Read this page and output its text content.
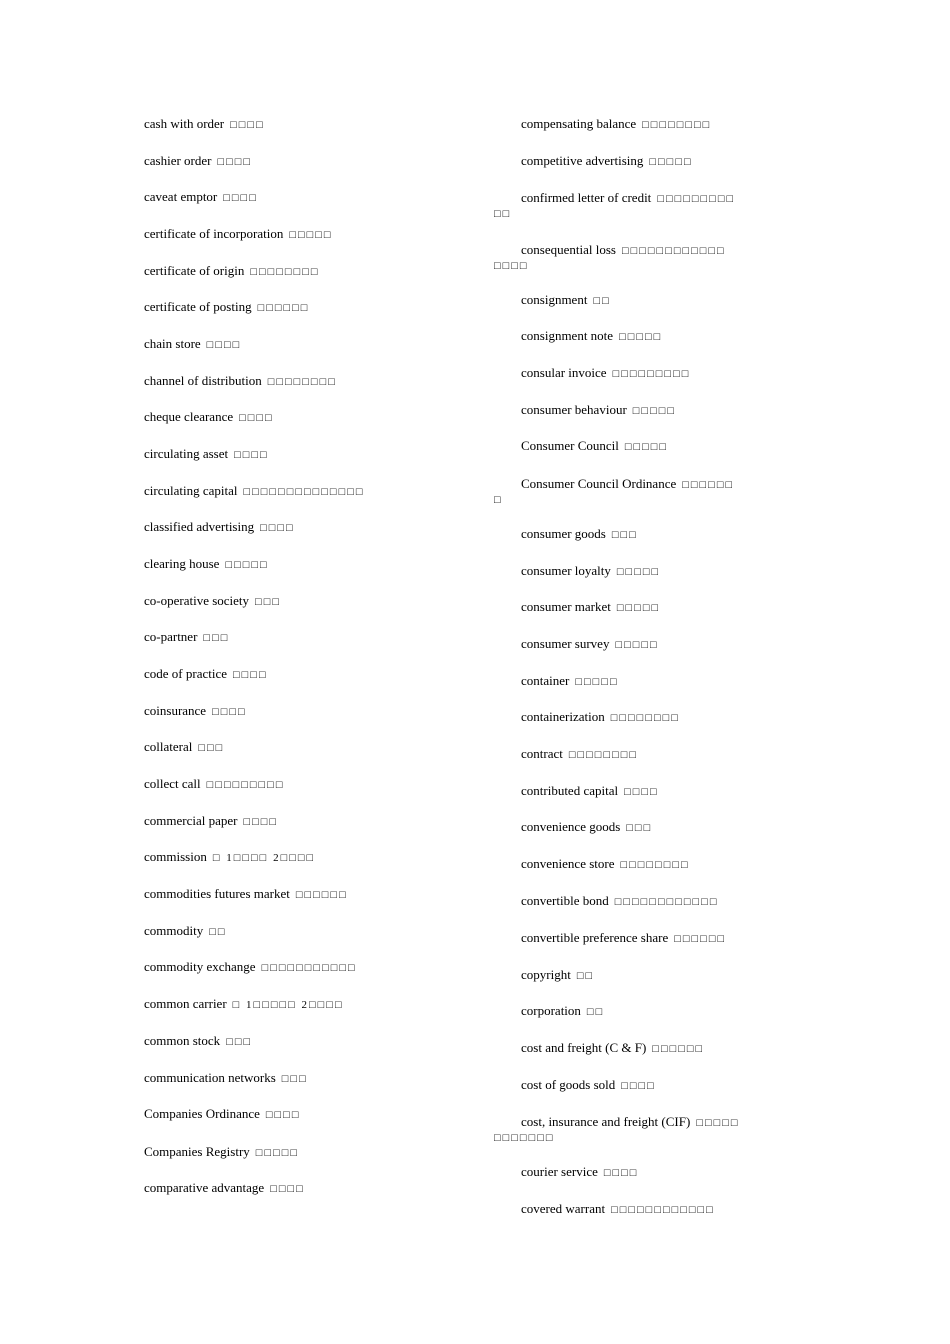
cash with order □□□□
cashier order □□□□
caveat emptor □□□□
certificate of incorporation □□□□□
certificate of origin □□□□□□□□
certificate of posting □□□□□□
chain store □□□□
channel of distribution □□□□□□□□
cheque clearance □□□□
circulating asset □□□□
circulating capital □□□□□□□□□□□□□□
classified advertising □□□□
clearing house □□□□□
co-operative society □□□
co-partner □□□
code of practice □□□□
coinsurance □□□□
collateral □□□
collect call □□□□□□□□□
commercial paper □□□□
commission □ 1□□□□ 2□□□□
commodities futures market □□□□□□
commodity □□
commodity exchange □□□□□□□□□□□
common carrier □ 1□□□□□ 2□□□□
common stock □□□
communication networks □□□
Companies Ordinance □□□□
Companies Registry □□□□□
comparative advantage □□□□
compensating balance □□□□□□□□
competitive advertising □□□□□
confirmed letter of credit □□□□□□□□□
□□
consequential loss □□□□□□□□□□□□
□□□□
consignment □□
consignment note □□□□□
consular invoice □□□□□□□□□
consumer behaviour □□□□□
Consumer Council □□□□□
Consumer Council Ordinance □□□□□□
□
consumer goods □□□
consumer loyalty □□□□□
consumer market □□□□□
consumer survey □□□□□
container □□□□□
containerization □□□□□□□□
contract □□□□□□□□
contributed capital □□□□
convenience goods □□□
convenience store □□□□□□□□
convertible bond □□□□□□□□□□□□
convertible preference share □□□□□□
copyright □□
corporation □□
cost and freight (C & F) □□□□□□
cost of goods sold □□□□
cost, insurance and freight (CIF) □□□□□
□□□□□□□
courier service □□□□
covered warrant □□□□□□□□□□□□
